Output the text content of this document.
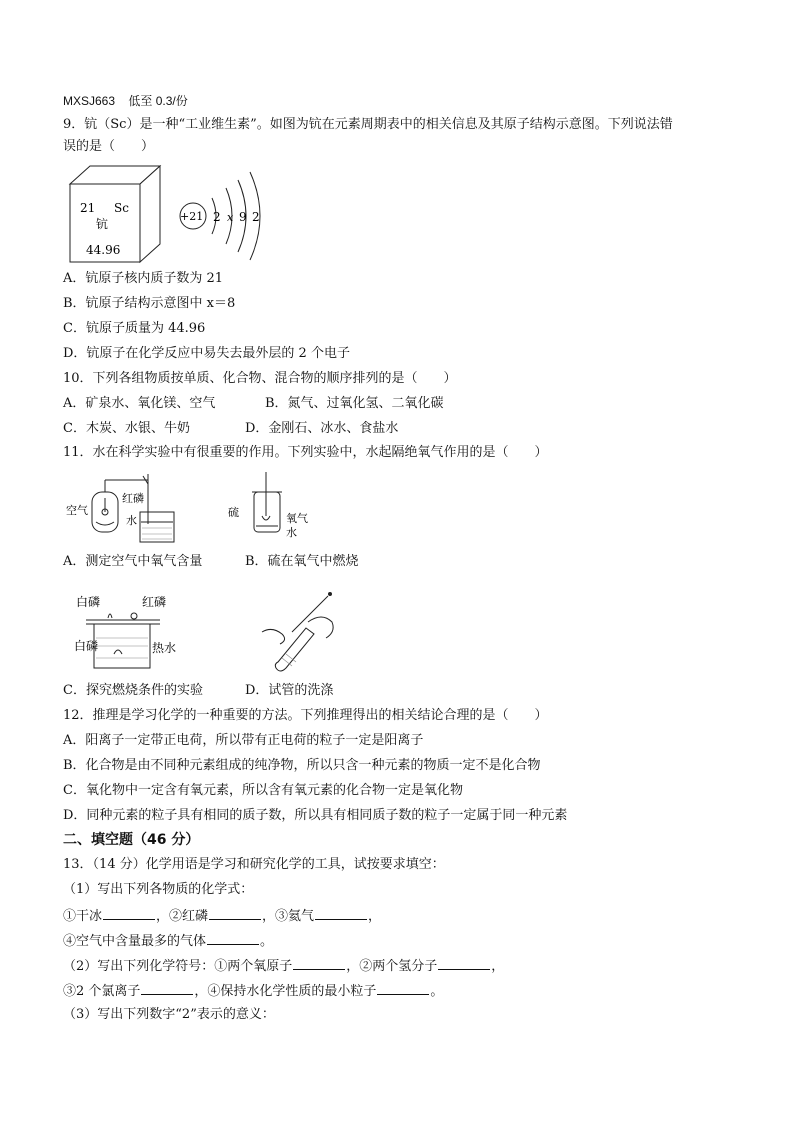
MXSJ663 低至 0.3/份
9．钪（Sc）是一种“工业维生素”。如图为钪在元素周期表中的相关信息及其原子结构示意图。下列说法错
误的是（　　）
21 Sc
钪
44.96
+21 2 x 9 2
A．钪原子核内质子数为 21
B．钪原子结构示意图中 x＝8
C．钪原子质量为 44.96
D．钪原子在化学反应中易失去最外层的 2 个电子
10．下列各组物质按单质、化合物、混合物的顺序排列的是（　　）
A．矿泉水、氧化镁、空气	B．氮气、过氧化氢、二氧化碳
C．木炭、水银、牛奶	D．金刚石、冰水、食盐水
11．水在科学实验中有很重要的作用。下列实验中，水起隔绝氧气作用的是（　　）
空气
红磷
水
硫	氧气
水
A．测定空气中氧气含量	B．硫在氧气中燃烧
白磷	红磷
白磷	热水
C．探究燃烧条件的实验	D．试管的洗涤
12．推理是学习化学的一种重要的方法。下列推理得出的相关结论合理的是（　　）
A．阳离子一定带正电荷，所以带有正电荷的粒子一定是阳离子
B．化合物是由不同种元素组成的纯净物，所以只含一种元素的物质一定不是化合物
C．氧化物中一定含有氧元素，所以含有氧元素的化合物一定是氧化物
D．同种元素的粒子具有相同的质子数，所以具有相同质子数的粒子一定属于同一种元素
二、填空题（46 分）
13．（14 分）化学用语是学习和研究化学的工具，试按要求填空：
（1）写出下列各物质的化学式：
①干冰	，②红磷	，③氦气	，
④空气中含量最多的气体	。
（2）写出下列化学符号：①两个氧原子	，②两个氢分子	，
③2 个氯离子	，④保持水化学性质的最小粒子	。
（3）写出下列数字“2”表示的意义：
